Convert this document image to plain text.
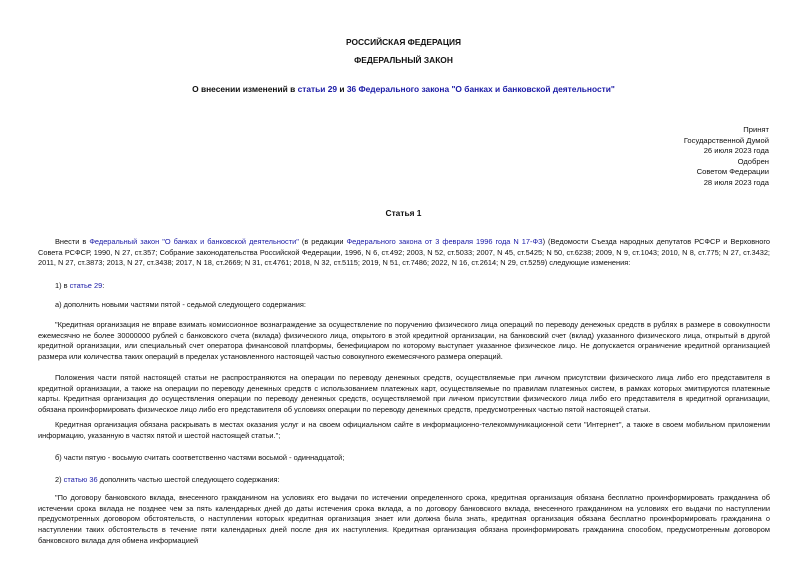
РОССИЙСКАЯ ФЕДЕРАЦИЯ
ФЕДЕРАЛЬНЫЙ ЗАКОН
О внесении изменений в статьи 29 и 36 Федерального закона "О банках и банковской деятельности"
Принят
Государственной Думой
26 июля 2023 года
Одобрен
Советом Федерации
28 июля 2023 года
Статья 1
Внести в Федеральный закон "О банках и банковской деятельности" (в редакции Федерального закона от 3 февраля 1996 года N 17-ФЗ) (Ведомости Съезда народных депутатов РСФСР и Верховного Совета РСФСР, 1990, N 27, ст.357; Собрание законодательства Российской Федерации, 1996, N 6, ст.492; 2003, N 52, ст.5033; 2007, N 45, ст.5425; N 50, ст.6238; 2009, N 9, ст.1043; 2010, N 8, ст.775; N 27, ст.3432; 2011, N 27, ст.3873; 2013, N 27, ст.3438; 2017, N 18, ст.2669; N 31, ст.4761; 2018, N 32, ст.5115; 2019, N 51, ст.7486; 2022, N 16, ст.2614; N 29, ст.5259) следующие изменения:
1) в статье 29:
а) дополнить новыми частями пятой - седьмой следующего содержания:
"Кредитная организация не вправе взимать комиссионное вознаграждение за осуществление по поручению физического лица операций по переводу денежных средств в рублях в размере в совокупности ежемесячно не более 30000000 рублей с банковского счета (вклада) физического лица, открытого в этой кредитной организации, на банковский счет (вклад) указанного физического лица, открытый в другой кредитной организации, или специальный счет оператора финансовой платформы, бенефициаром по которому выступает указанное физическое лицо. Не допускается ограничение кредитной организацией размера или количества таких операций в пределах установленного настоящей частью совокупного ежемесячного размера операций.
Положения части пятой настоящей статьи не распространяются на операции по переводу денежных средств, осуществляемые при личном присутствии физического лица либо его представителя в кредитной организации, а также на операции по переводу денежных средств с использованием платежных карт, осуществляемые по правилам платежных систем, в рамках которых эмитируются платежные карты. Кредитная организация до осуществления операции по переводу денежных средств, осуществляемой при личном присутствии физического лица либо его представителя в кредитной организации, обязана проинформировать физическое лицо либо его представителя об условиях операции по переводу денежных средств, предусмотренных частью пятой настоящей статьи.
Кредитная организация обязана раскрывать в местах оказания услуг и на своем официальном сайте в информационно-телекоммуникационной сети "Интернет", а также в своем мобильном приложении информацию, указанную в частях пятой и шестой настоящей статьи.";
б) части пятую - восьмую считать соответственно частями восьмой - одиннадцатой;
2) статью 36 дополнить частью шестой следующего содержания:
"По договору банковского вклада, внесенного гражданином на условиях его выдачи по истечении определенного срока, кредитная организация обязана бесплатно проинформировать гражданина об истечении срока вклада не позднее чем за пять календарных дней до даты истечения срока вклада, а по договору банковского вклада, внесенного гражданином на условиях его выдачи по наступлении предусмотренных договором обстоятельств, о наступлении которых кредитная организация знает или должна была знать, кредитная организация обязана бесплатно проинформировать гражданина о наступлении таких обстоятельств в течение пяти календарных дней после дня их наступления. Кредитная организация обязана проинформировать гражданина способом, предусмотренным договором банковского вклада для обмена информацией
